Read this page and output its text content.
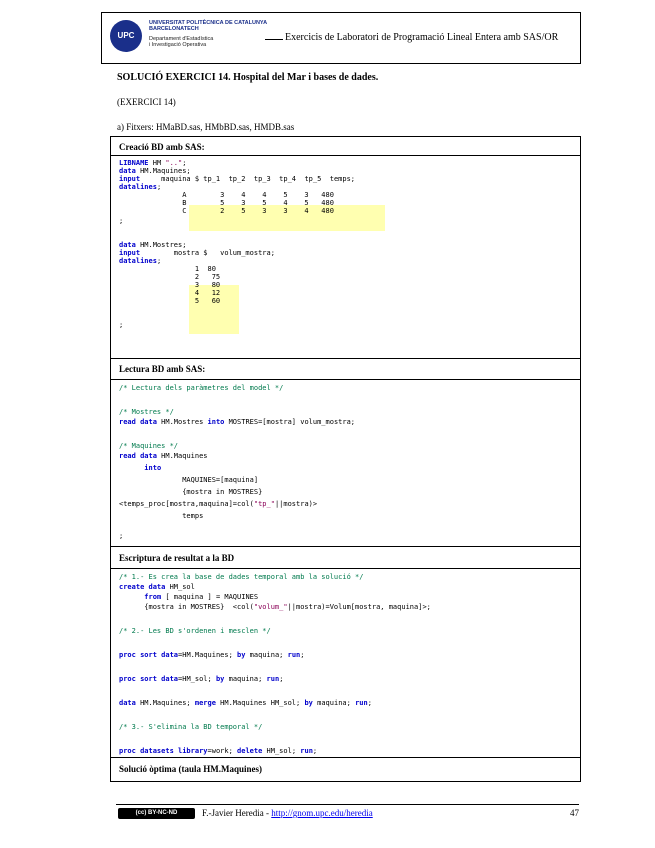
UPC
UNIVERSITAT POLITÈCNICA DE CATALUNYA
BARCELONATECH
Departament d'Estadística
i Investigació Operativa
Exercicis de Laboratori de Programació Lineal Entera amb SAS/OR
SOLUCIÓ EXERCICI 14. Hospital del Mar i bases de dades.
(EXERCICI 14)
a) Fitxers: HMaBD.sas, HMbBD.sas, HMDB.sas
Creació BD amb SAS:

LIBNAME HM "..";

data HM.Maquines;

input     maquina $ tp_1  tp_2  tp_3  tp_4  tp_5  temps;

datalines;

A        3    4    4    5    3   480

B        5    3    5    4    5   480

C        2    5    3    3    4   480

;

data HM.Mostres;

input        mostra $   volum_mostra;

datalines;

1  80

2   75

3   80

4   12

5   60

;

Lectura BD amb SAS:

/* Lectura dels paràmetres del model */

/* Mostres */

read data HM.Mostres into MOSTRES=[mostra] volum_mostra;

/* Maquines */

read data HM.Maquines

into

MAQUINES=[maquina]

{mostra in MOSTRES}

<temps_proc[mostra,maquina]=col("tp_"||mostra)>

temps

;

Escriptura de resultat a la BD

/* 1.- Es crea la base de dades temporal amb la solució */

create data HM_sol

from [ maquina ] = MAQUINES

{mostra in MOSTRES}  <col("volum_"||mostra)=Volum[mostra, maquina]>;

/* 2.- Les BD s'ordenen i mesclen */

proc sort data=HM.Maquines; by maquina; run;

proc sort data=HM_sol; by maquina; run;

data HM.Maquines; merge HM.Maquines HM_sol; by maquina; run;

/* 3.- S'elimina la BD temporal */

proc datasets library=work; delete HM_sol; run;

Solució òptima (taula HM.Maquines)
(cc) BY-NC-ND	F.-Javier Heredia - http://gnom.upc.edu/heredia	47
